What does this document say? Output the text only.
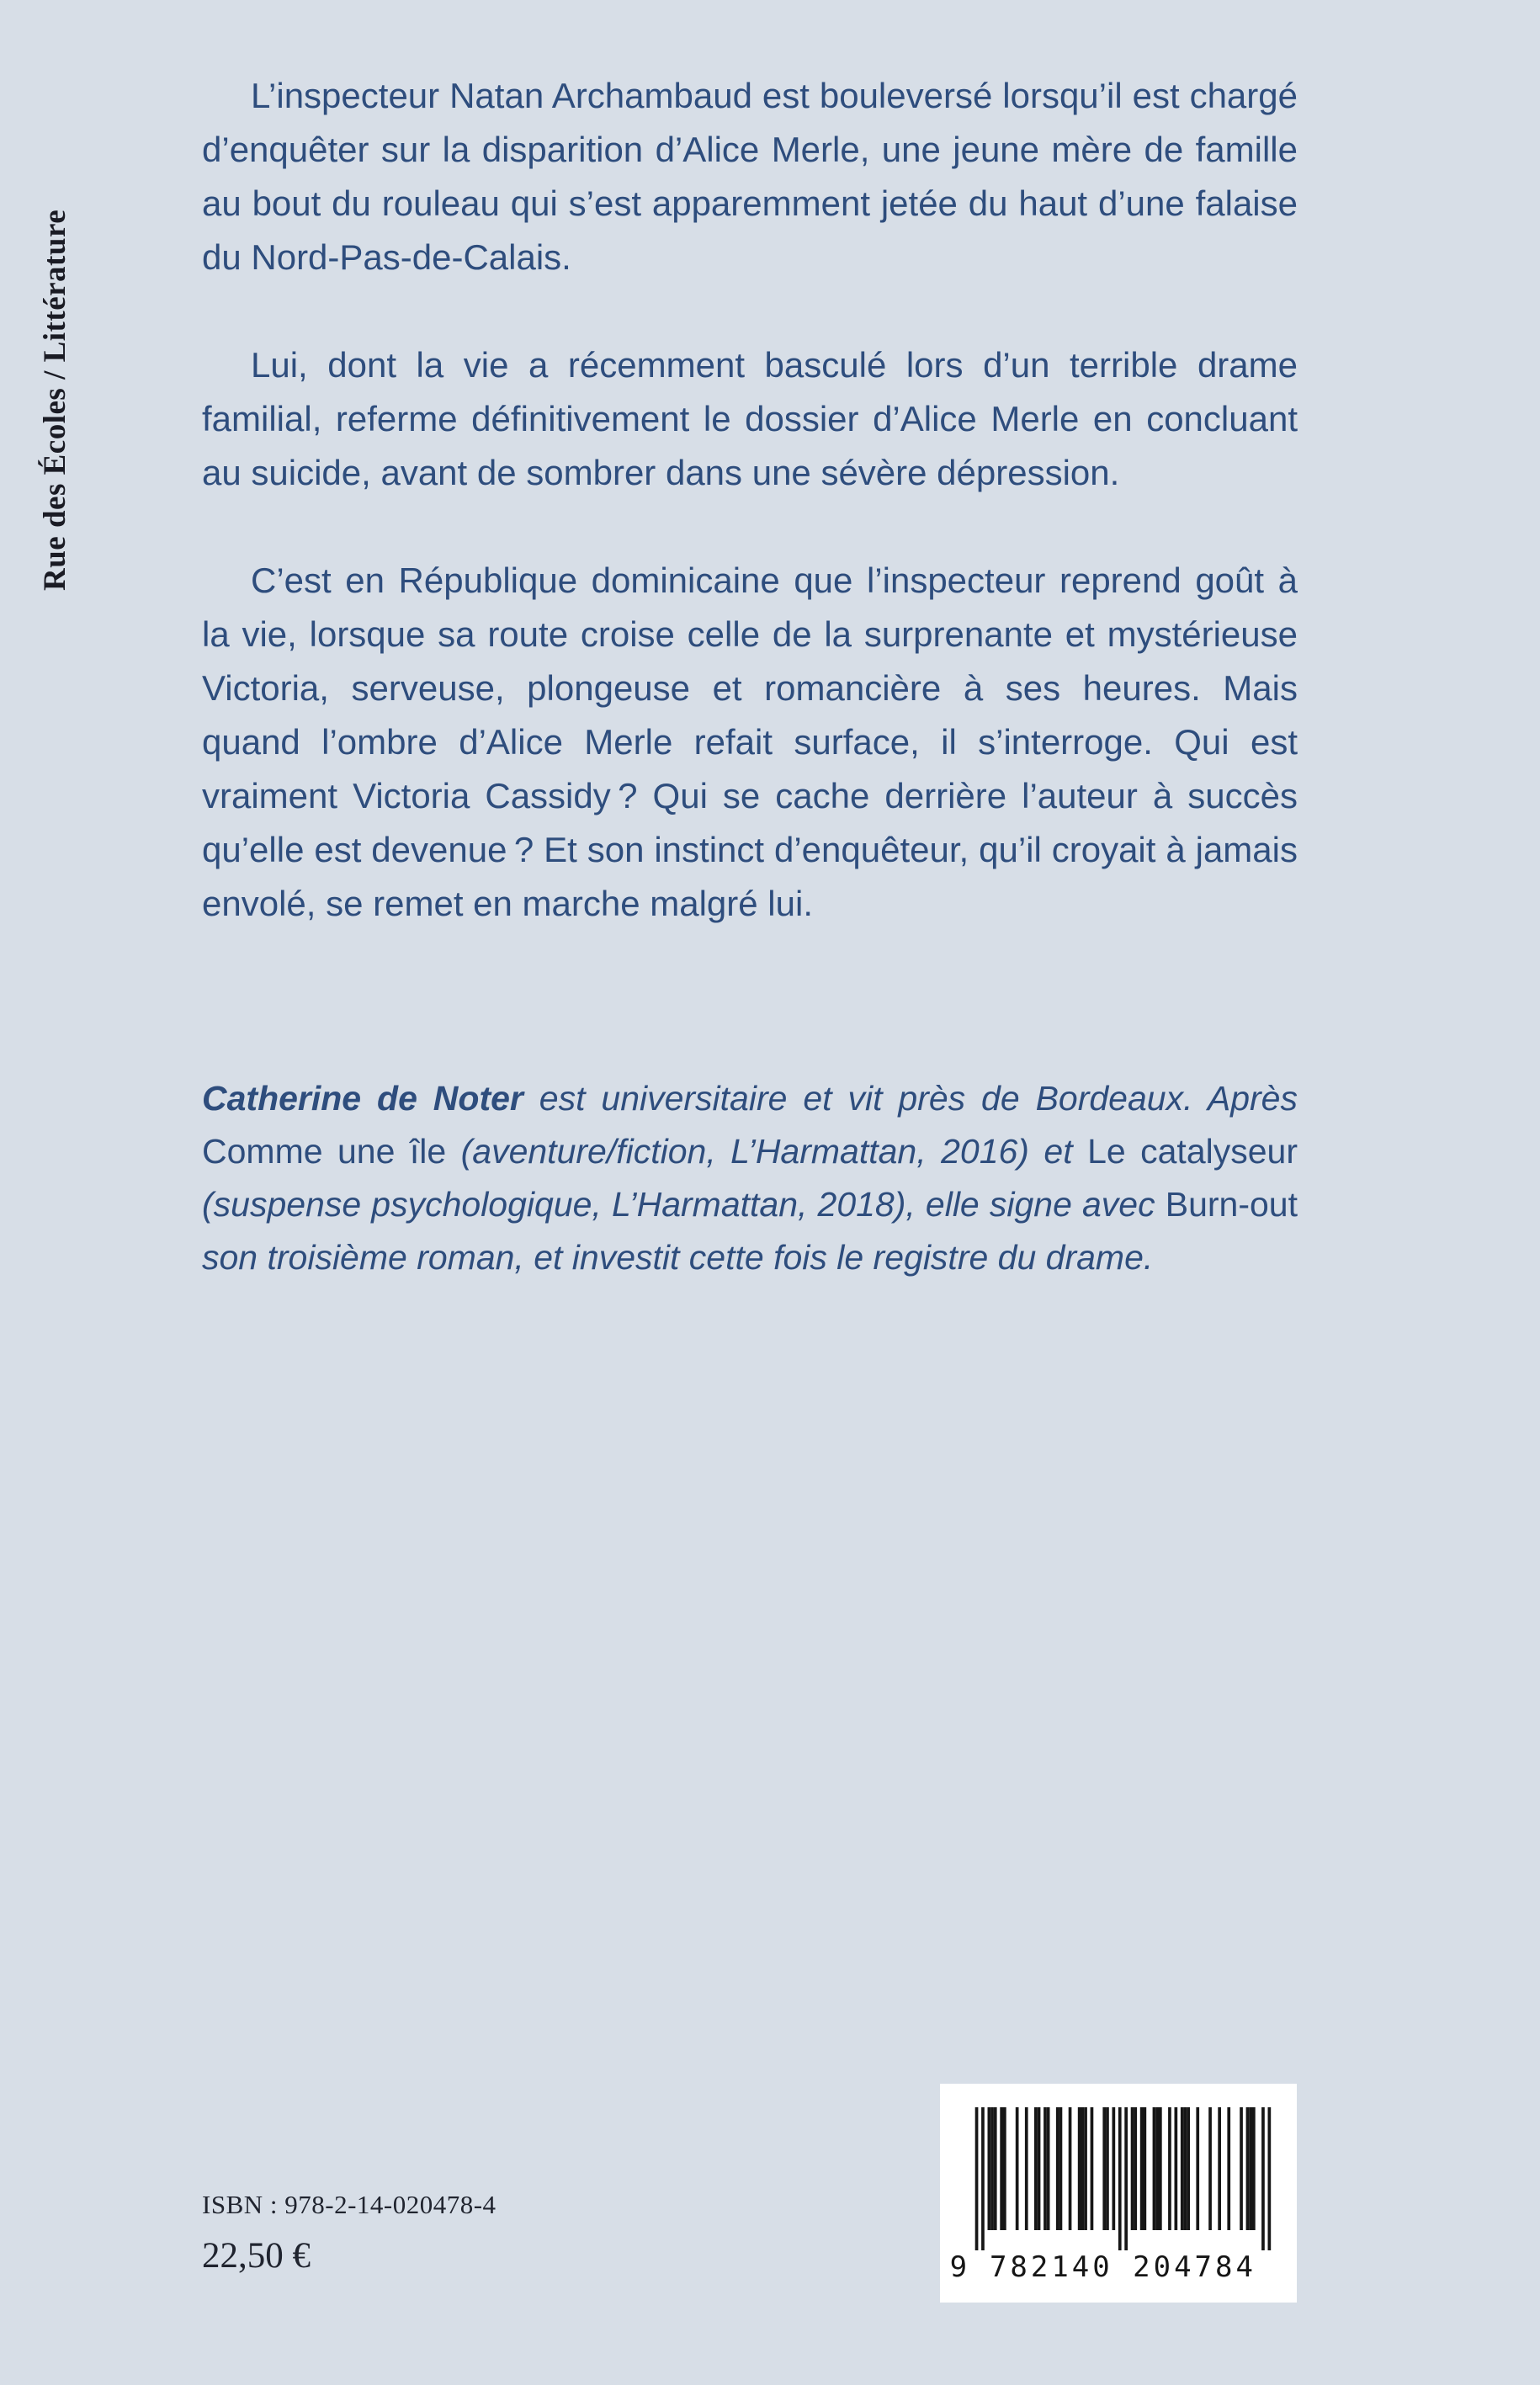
Rue des Écoles / Littérature

L’inspecteur Natan Archambaud est bouleversé lorsqu’il est chargé d’enquêter sur la disparition d’Alice Merle, une jeune mère de famille au bout du rouleau qui s’est apparemment jetée du haut d’une falaise du Nord-Pas-de-Calais.

Lui, dont la vie a récemment basculé lors d’un terrible drame familial, referme définitivement le dossier d’Alice Merle en concluant au suicide, avant de sombrer dans une sévère dépression.

C’est en République dominicaine que l’inspecteur reprend goût à la vie, lorsque sa route croise celle de la surprenante et mystérieuse Victoria, serveuse, plongeuse et romancière à ses heures. Mais quand l’ombre d’Alice Merle refait surface, il s’interroge. Qui est vraiment Victoria Cassidy ? Qui se cache derrière l’auteur à succès qu’elle est devenue ? Et son instinct d’enquêteur, qu’il croyait à jamais envolé, se remet en marche malgré lui.

Catherine de Noter est universitaire et vit près de Bordeaux. Après Comme une île (aventure/fiction, L’Harmattan, 2016) et Le catalyseur (suspense psychologique, L’Harmattan, 2018), elle signe avec Burn-out son troisième roman, et investit cette fois le registre du drame.
ISBN : 978-2-14-020478-4
22,50 €	9 782140 204784
